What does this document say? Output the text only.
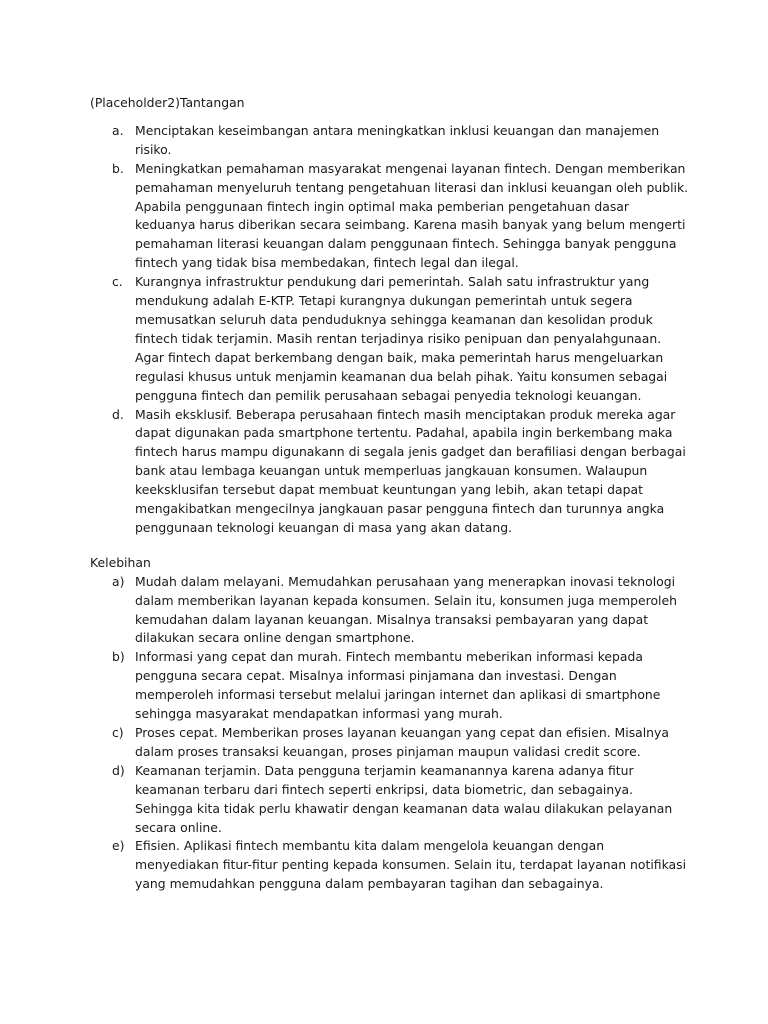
(Placeholder2)Tantangan

a. Menciptakan keseimbangan antara meningkatkan inklusi keuangan dan manajemen risiko.
b. Meningkatkan pemahaman masyarakat mengenai layanan fintech. Dengan memberikan pemahaman menyeluruh tentang pengetahuan literasi dan inklusi keuangan oleh publik. Apabila penggunaan fintech ingin optimal maka pemberian pengetahuan dasar keduanya harus diberikan secara seimbang. Karena masih banyak yang belum mengerti pemahaman literasi keuangan dalam penggunaan fintech. Sehingga banyak pengguna fintech yang tidak bisa membedakan, fintech legal dan ilegal.
c. Kurangnya infrastruktur pendukung dari pemerintah. Salah satu infrastruktur yang mendukung adalah E-KTP. Tetapi kurangnya dukungan pemerintah untuk segera memusatkan seluruh data penduduknya sehingga keamanan dan kesolidan produk fintech tidak terjamin. Masih rentan terjadinya risiko penipuan dan penyalahgunaan. Agar fintech dapat berkembang dengan baik, maka pemerintah harus mengeluarkan regulasi khusus untuk menjamin keamanan dua belah pihak. Yaitu konsumen sebagai pengguna fintech dan pemilik perusahaan sebagai penyedia teknologi keuangan.
d. Masih eksklusif. Beberapa perusahaan fintech masih menciptakan produk mereka agar dapat digunakan pada smartphone tertentu. Padahal, apabila ingin berkembang maka fintech harus mampu digunakann di segala jenis gadget dan berafiliasi dengan berbagai bank atau lembaga keuangan untuk memperluas jangkauan konsumen. Walaupun keeksklusifan tersebut dapat membuat keuntungan yang lebih, akan tetapi dapat mengakibatkan mengecilnya jangkauan pasar pengguna fintech dan turunnya angka penggunaan teknologi keuangan di masa yang akan datang.

Kelebihan

a) Mudah dalam melayani. Memudahkan perusahaan yang menerapkan inovasi teknologi dalam memberikan layanan kepada konsumen. Selain itu, konsumen juga memperoleh kemudahan dalam layanan keuangan. Misalnya transaksi pembayaran yang dapat dilakukan secara online dengan smartphone.
b) Informasi yang cepat dan murah. Fintech membantu meberikan informasi kepada pengguna secara cepat. Misalnya informasi pinjamana dan investasi. Dengan memperoleh informasi tersebut melalui jaringan internet dan aplikasi di smartphone sehingga masyarakat mendapatkan informasi yang murah.
c) Proses cepat. Memberikan proses layanan keuangan yang cepat dan efisien. Misalnya dalam proses transaksi keuangan, proses pinjaman maupun validasi credit score.
d) Keamanan terjamin. Data pengguna terjamin keamanannya karena adanya fitur keamanan terbaru dari fintech seperti enkripsi, data biometric, dan sebagainya. Sehingga kita tidak perlu khawatir dengan keamanan data walau dilakukan pelayanan secara online.
e) Efisien. Aplikasi fintech membantu kita dalam mengelola keuangan dengan menyediakan fitur-fitur penting kepada konsumen. Selain itu, terdapat layanan notifikasi yang memudahkan pengguna dalam pembayaran tagihan dan sebagainya.
